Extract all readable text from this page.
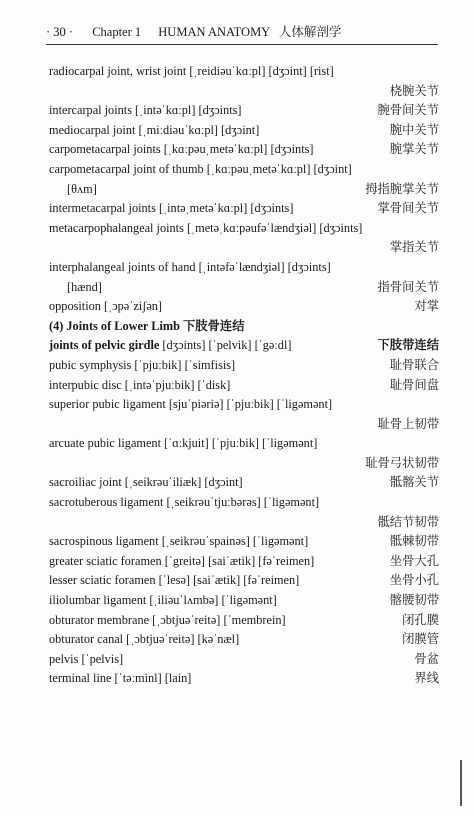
· 30 · Chapter 1 HUMAN ANATOMY 人体解剖学
radiocarpal joint, wrist joint [ˌreidiəuˈkɑːpl] [dʒɔint] [rist]
桡腕关节
intercarpal joints [ˌintəˈkɑːpl] [dʒɔints]	腕骨间关节
mediocarpal joint [ˌmiːdiəuˈkɑːpl] [dʒɔint]	腕中关节
carpometacarpal joints [ˌkɑːpəuˌmetəˈkɑːpl] [dʒɔints]	腕掌关节
carpometacarpal joint of thumb [ˌkɑːpəuˌmetəˈkɑːpl] [dʒɔint]
[θʌm]	拇指腕掌关节
intermetacarpal joints [ˌintəˌmetəˈkɑːpl] [dʒɔints]	掌骨间关节
metacarpophalangeal joints [ˌmetəˌkɑːpəufəˈlændʒiəl] [dʒɔints]
掌指关节
interphalangeal joints of hand [ˌintəfəˈlændʒiəl] [dʒɔints]
[hænd]	指骨间关节
opposition [ˌɔpəˈziʃən]	对掌
(4) Joints of Lower Limb 下肢骨连结
joints of pelvic girdle [dʒɔints] [ˈpelvik] [ˈgəːdl]	下肢带连结
pubic symphysis [ˈpjuːbik] [ˈsimfisis]	耻骨联合
interpubic disc [ˌintəˈpjuːbik] [ˈdisk]	耻骨间盘
superior pubic ligament [sjuˈpiəriə] [ˈpjuːbik] [ˈligəmənt]
耻骨上韧带
arcuate pubic ligament [ˈɑːkjuit] [ˈpjuːbik] [ˈligəmənt]
耻骨弓状韧带
sacroiliac joint [ˌseikrəuˈiliæk] [dʒɔint]	骶髂关节
sacrotuberous ligament [ˌseikrəuˈtjuːbərəs] [ˈligəmənt]
骶结节韧带
sacrospinous ligament [ˌseikrəuˈspainəs] [ˈligəmənt]	骶棘韧带
greater sciatic foramen [ˈgreitə] [saiˈætik] [fəˈreimen]	坐骨大孔
lesser sciatic foramen [ˈlesə] [saiˈætik] [fəˈreimen]	坐骨小孔
iliolumbar ligament [ˌiliəuˈlʌmbə] [ˈligəmənt]	髂腰韧带
obturator membrane [ˌɔbtjuəˈreitə] [ˈmembrein]	闭孔膜
obturator canal [ˌɔbtjuəˈreitə] [kəˈnæl]	闭膜管
pelvis [ˈpelvis]	骨盆
terminal line [ˈtəːminl] [lain]	界线
